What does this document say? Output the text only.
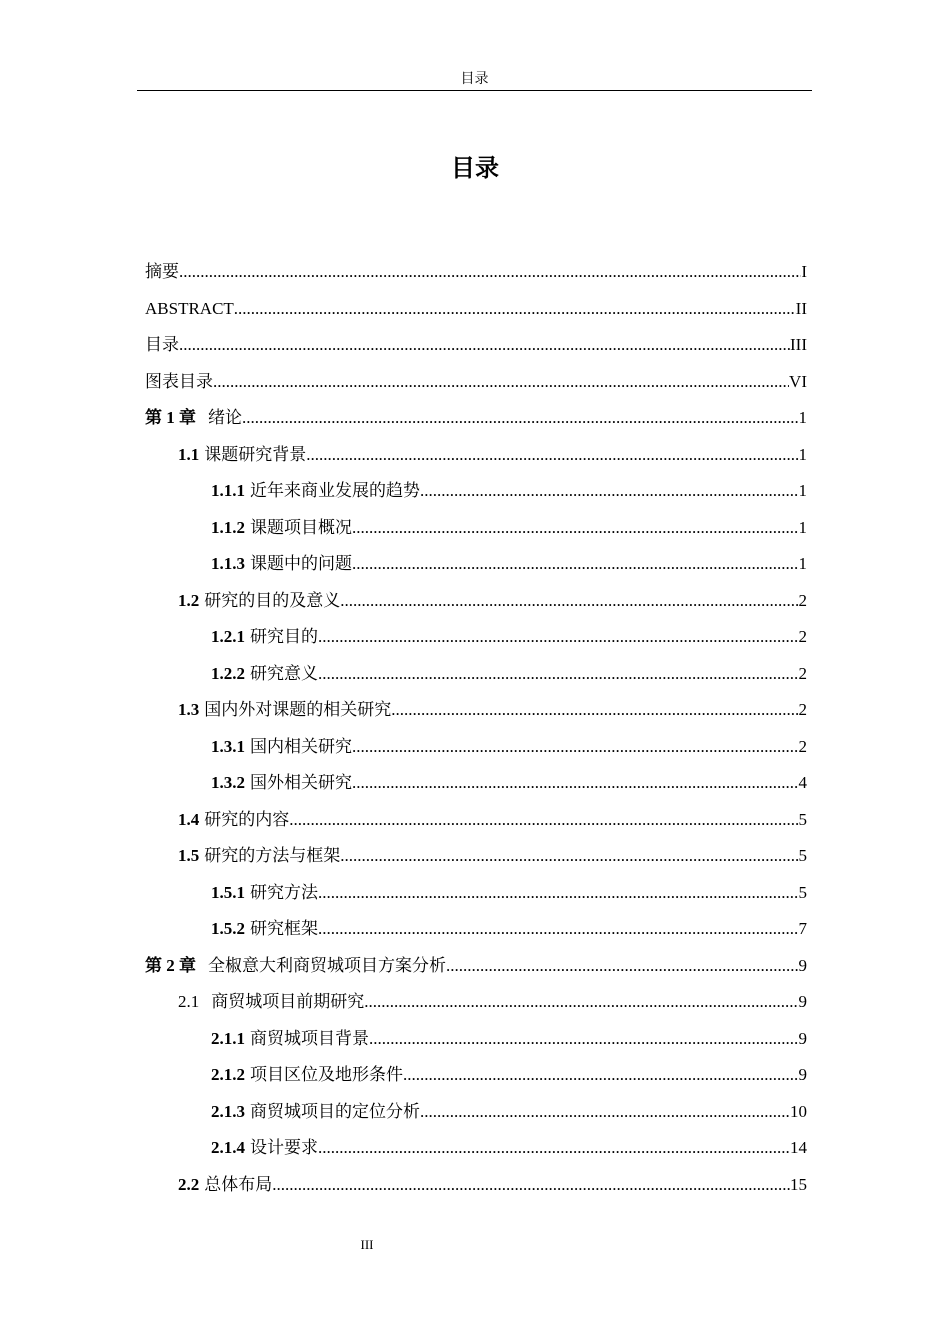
目录
目录
摘要 .....	I
ABSTRACT .....	II
目录 .....	III
图表目录 .....	VI
第 1 章 绪论 .....	1
1.1 课题研究背景 .....	1
1.1.1 近年来商业发展的趋势 .....	1
1.1.2 课题项目概况 .....	1
1.1.3 课题中的问题 .....	1
1.2 研究的目的及意义 .....	2
1.2.1 研究目的 .....	2
1.2.2 研究意义 .....	2
1.3 国内外对课题的相关研究 .....	2
1.3.1 国内相关研究 .....	2
1.3.2 国外相关研究 .....	4
1.4 研究的内容 .....	5
1.5 研究的方法与框架 .....	5
1.5.1 研究方法 .....	5
1.5.2 研究框架 .....	7
第 2 章 全椒意大利商贸城项目方案分析 .....	9
2.1 商贸城项目前期研究 .....	9
2.1.1 商贸城项目背景 .....	9
2.1.2 项目区位及地形条件 .....	9
2.1.3 商贸城项目的定位分析 .....	10
2.1.4 设计要求 .....	14
2.2 总体布局 .....	15
III
